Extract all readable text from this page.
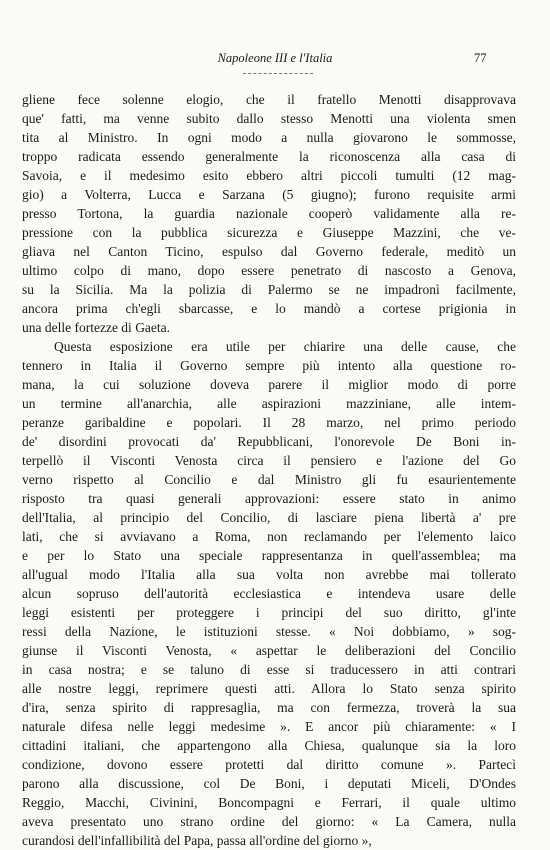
Napoleone III e l'Italia	77
gliene fece solenne elogio, che il fratello Menotti disapprovava
que' fatti, ma venne subito dallo stesso Menotti una violenta smen
tita al Ministro. In ogni modo a nulla giovarono le sommosse,
troppo radicata essendo generalmente la riconoscenza alla casa di
Savoia, e il medesimo esito ebbero altri piccoli tumulti (12 mag-
gio) a Volterra, Lucca e Sarzana (5 giugno); furono requisite armi
presso Tortona, la guardia nazionale cooperò validamente alla re-
pressione con la pubblica sicurezza e Giuseppe Mazzini, che ve-
gliava nel Canton Ticino, espulso dal Governo federale, meditò un
ultimo colpo di mano, dopo essere penetrato di nascosto a Genova,
su la Sicilia. Ma la polizia di Palermo se ne impadronì facilmente,
ancora prima ch'egli sbarcasse, e lo mandò a cortese prigionia in
una delle fortezze di Gaeta.
Questa esposizione era utile per chiarire una delle cause, che
tennero in Italia il Governo sempre più intento alla questione ro-
mana, la cui soluzione doveva parere il miglior modo di porre
un termine all'anarchia, alle aspirazioni mazziniane, alle intem-
peranze garibaldine e popolari. Il 28 marzo, nel primo periodo
de' disordini provocati da' Repubblicani, l'onorevole De Boni in-
terpellò il Visconti Venosta circa il pensiero e l'azione del Go
verno rispetto al Concilio e dal Ministro gli fu esaurientemente
risposto tra quasi generali approvazioni: essere stato in animo
dell'Italia, al principio del Concilio, di lasciare piena libertà a' pre
lati, che si avviavano a Roma, non reclamando per l'elemento laico
e per lo Stato una speciale rappresentanza in quell'assemblea; ma
all'ugual modo l'Italia alla sua volta non avrebbe mai tollerato
alcun sopruso dell'autorità ecclesiastica e intendeva usare delle
leggi esistenti per proteggere i principi del suo diritto, gl'inte
ressi della Nazione, le istituzioni stesse. « Noi dobbiamo, » sog-
giunse il Visconti Venosta, « aspettar le deliberazioni del Concilio
in casa nostra; e se taluno di esse si traducessero in atti contrari
alle nostre leggi, reprimere questi atti. Allora lo Stato senza spirito
d'ira, senza spirito di rappresaglia, ma con fermezza, troverà la sua
naturale difesa nelle leggi medesime ». E ancor più chiaramente: « I
cittadini italiani, che appartengono alla Chiesa, qualunque sia la loro
condizione, dovono essere protetti dal diritto comune ». Partecì
parono alla discussione, col De Boni, i deputati Miceli, D'Ondes
Reggio, Macchi, Civinini, Boncompagni e Ferrari, il quale ultimo
aveva presentato uno strano ordine del giorno: « La Camera, nulla
curandosi dell'infallibilità del Papa, passa all'ordine del giorno »,
